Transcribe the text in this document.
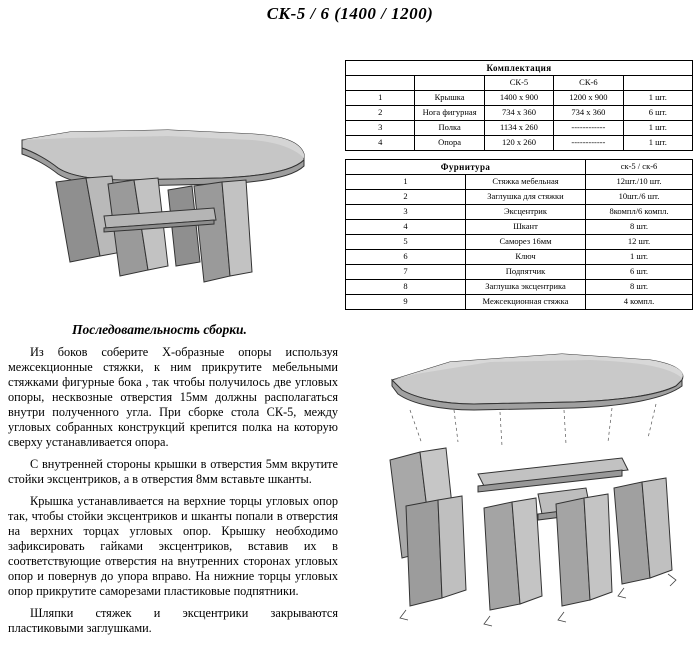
СК-5 / 6 (1400 / 1200)
Комплектация				
		СК-5	СК-6	
1	Крышка	1400 х 900	1200 х 900	1 шт.
2	Нога фигурная	734 х 360	734 х 360	6 шт.
3	Полка	1134 х 260	------------	1 шт.
4	Опора	120 х 260	------------	1 шт.
Фурнитура		ск-5 / ск-6
1	Стяжка мебельная	12шт./10 шт.
2	Заглушка для стяжки	10шт./6 шт.
3	Эксцентрик	8компл/6 компл.
4	Шкант	8 шт.
5	Саморез 16мм	12 шт.
6	Ключ	1 шт.
7	Подпятчик	6 шт.
8	Заглушка эксцентрика	8 шт.
9	Межсекционная стяжка	4 компл.
Последовательность сборки.

Из боков соберите Х-образные опоры используя межсекционные стяжки, к ним прикрутите мебельными стяжками фигурные бока , так чтобы получилось две угловых опоры, несквозные отверстия 15мм должны располагаться внутри полученного угла. При сборке стола СК-5, между угловых собранных конструкций крепится полка на которую сверху устанавливается опора.

С внутренней стороны крышки в отверстия 5мм вкрутите стойки эксцентриков, а в отверстия 8мм вставьте шканты.

Крышка устанавливается на верхние торцы угловых опор так, чтобы стойки эксцентриков и шканты попали в отверстия на верхних торцах угловых опор. Крышку необходимо зафиксировать гайками эксцентриков, вставив их в соответствующие отверстия на внутренних сторонах угловых опор и повернув до упора вправо. На нижние торцы угловых опор прикрутите саморезами пластиковые подпятники.

Шляпки стяжек и эксцентрики закрываются пластиковыми заглушками.
